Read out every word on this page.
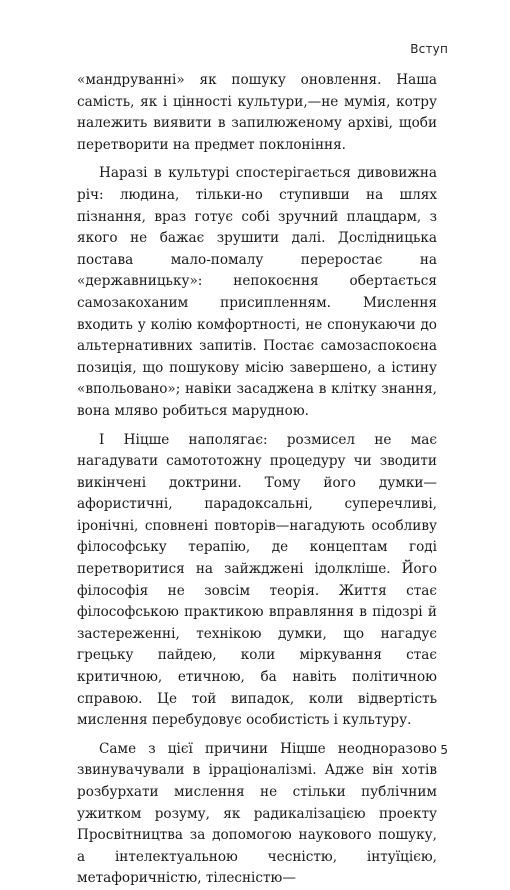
Вступ

«мандруванні» як пошуку оновлення. Наша самість, як і цінності культури,—не мумія, котру належить виявити в запилюженому архіві, щоби перетворити на предмет поклоніння.

Наразі в культурі спостерігається дивовижна річ: людина, тільки-но ступивши на шлях пізнання, враз готує собі зручний плацдарм, з якого не бажає зрушити далі. Дослідницька постава мало-помалу переростає на «державницьку»: непокоєння обертається самозакоханим присипленням. Мислення входить у колію комфортності, не спонукаючи до альтернативних запитів. Постає самозаспокоєна позиція, що пошукову місію завершено, а істину «впольовано»; навіки засаджена в клітку знання, вона мляво робиться марудною.

І Ніцше наполягає: розмисел не має нагадувати самототожну процедуру чи зводити викінчені доктрини. Тому його думки—афористичні, парадоксальні, суперечливі, іронічні, сповнені повторів—нагадують особливу філософську терапію, де концептам годі перетворитися на зайжджені ідолкліше. Його філософія не зовсім теорія. Життя стає філософською практикою вправляння в підозрі й застереженні, технікою думки, що нагадує грецьку пайдею, коли міркування стає критичною, етичною, ба навіть політичною справою. Це той випадок, коли відвертість мислення перебудовує особистість і культуру.

Саме з цієї причини Ніцше неодноразово звинувачували в ірраціоналізмі. Адже він хотів розбурхати мислення не стільки публічним ужитком розуму, як радикалізацією проекту Просвітництва за допомогою наукового пошуку, а інтелектуальною чесністю, інтуїцією, метафоричністю, тілесністю—

5
